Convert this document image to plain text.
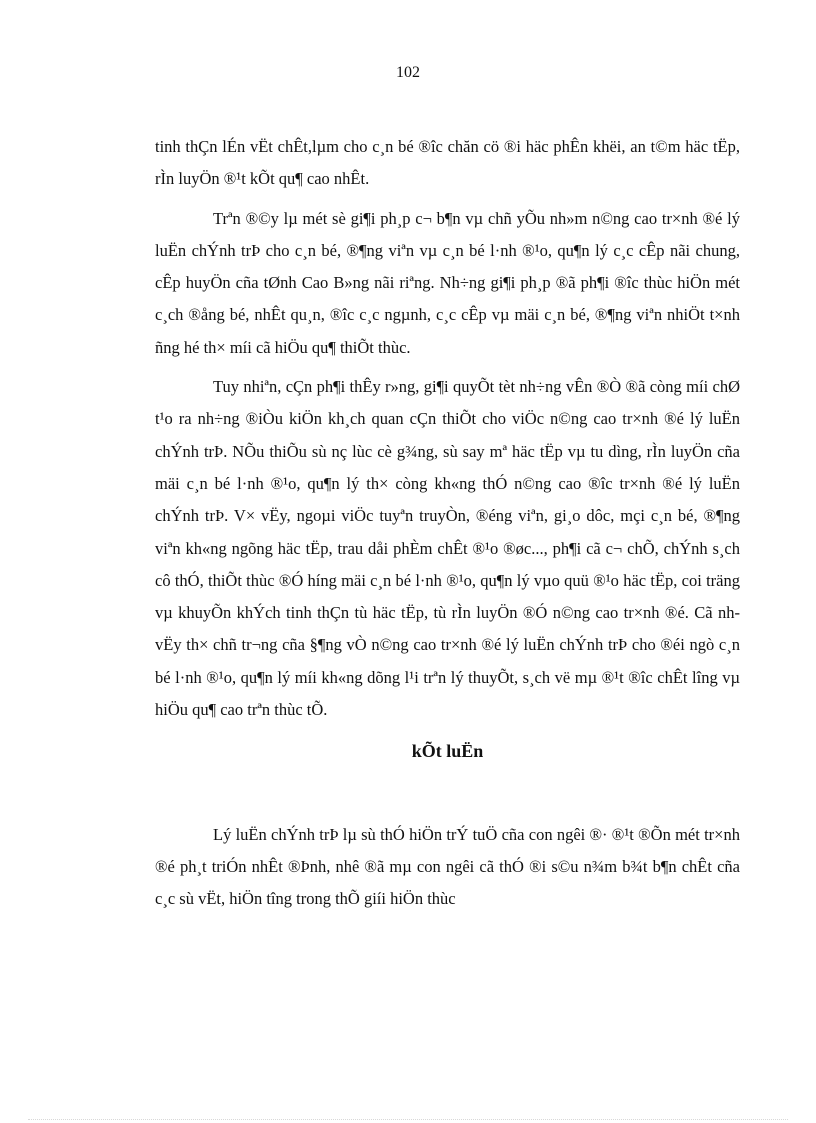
102

tinh thÇn lÉn vËt chÊt,lµm cho c¸n bé ®îc chăn cö ®i häc phÊn khëi, an t©m häc tËp, rÌn luyÖn ®¹t kÕt qu¶ cao nhÊt.

Trªn ®©y lµ mét sè gi¶i ph¸p c¬ b¶n vµ chñ yÕu nh»m n©ng cao tr×nh ®é lý luËn chÝnh trÞ cho c¸n bé, ®¶ng viªn vµ c¸n bé l·nh ®¹o, qu¶n lý c¸c cÊp nãi chung, cÊp huyÖn cña tØnh Cao B»ng nãi riªng. Nh÷ng gi¶i ph¸p ®ã ph¶i ®îc thùc hiÖn mét c¸ch ®ång bé, nhÊt qu¸n, ®îc c¸c ngµnh, c¸c cÊp vµ mäi c¸n bé, ®¶ng viªn nhiÖt t×nh ñng hé th× míi cã hiÖu qu¶ thiÕt thùc.

Tuy nhiªn, cÇn ph¶i thÊy r»ng, gi¶i quyÕt tèt nh÷ng vÊn ®Ò ®ã còng míi chØ t¹o ra nh÷ng ®iÒu kiÖn kh¸ch quan cÇn thiÕt cho viÖc n©ng cao tr×nh ®é lý luËn chÝnh trÞ. NÕu thiÕu sù nç lùc cè g¾ng, sù say mª häc tËp vµ tu dìng, rÌn luyÖn cña mäi c¸n bé l·nh ®¹o, qu¶n lý th× còng kh«ng thÓ n©ng cao ®îc tr×nh ®é lý luËn chÝnh trÞ. V× vËy, ngoµi viÖc tuyªn truyÒn, ®éng viªn, gi¸o dôc, mçi c¸n bé, ®¶ng viªn kh«ng ngõng häc tËp, trau dåi phÈm chÊt ®¹o ®øc..., ph¶i cã c¬ chÕ, chÝnh s¸ch cô thÓ, thiÕt thùc ®Ó híng mäi c¸n bé l·nh ®¹o, qu¶n lý vµo quü ®¹o häc tËp, coi träng vµ khuyÕn khÝch tinh thÇn tù häc tËp, tù rÌn luyÖn ®Ó n©ng cao tr×nh ®é. Cã nh vËy th× chñ tr¬ng cña §¶ng vÒ n©ng cao tr×nh ®é lý luËn chÝnh trÞ cho ®éi ngò c¸n bé l·nh ®¹o, qu¶n lý míi kh«ng dõng l¹i trªn lý thuyÕt, s¸ch vë mµ ®¹t ®îc chÊt lîng vµ hiÖu qu¶ cao trªn thùc tÕ.

kÕt luËn

Lý luËn chÝnh trÞ lµ sù thÓ hiÖn trÝ tuÖ cña con ngêi ®· ®¹t ®Õn mét tr×nh ®é ph¸t triÓn nhÊt ®Þnh, nhê ®ã mµ con ngêi cã thÓ ®i s©u n¾m b¾t b¶n chÊt cña c¸c sù vËt, hiÖn tîng trong thÕ giíi hiÖn thùc
